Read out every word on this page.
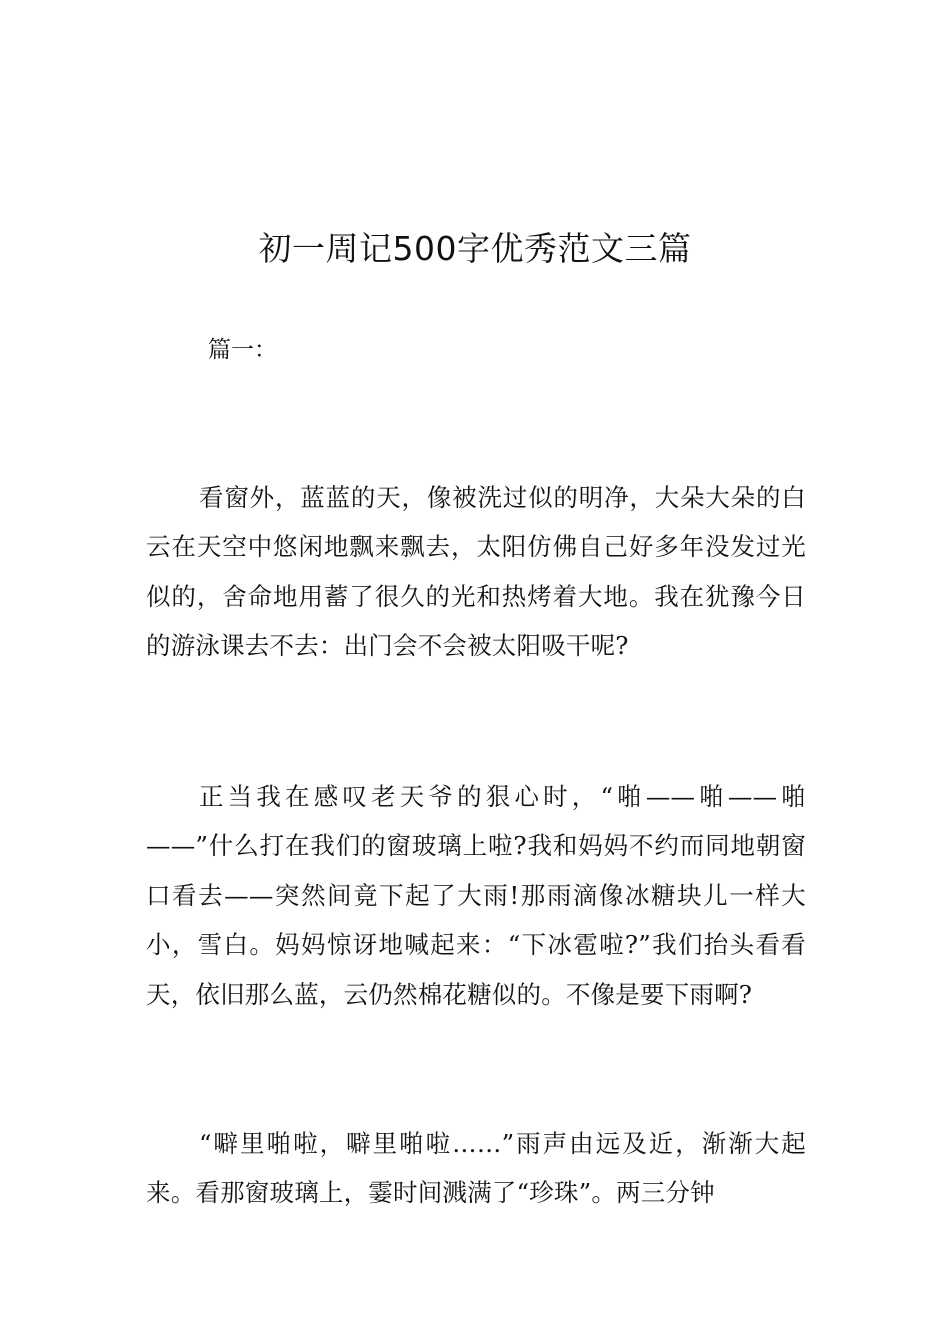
初一周记500字优秀范文三篇
篇一：

看窗外，蓝蓝的天，像被洗过似的明净，大朵大朵的白云在天空中悠闲地飘来飘去，太阳仿佛自己好多年没发过光似的，舍命地用蓄了很久的光和热烤着大地。我在犹豫今日的游泳课去不去：出门会不会被太阳吸干呢?

正当我在感叹老天爷的狠心时，“啪——啪——啪——”什么打在我们的窗玻璃上啦?我和妈妈不约而同地朝窗口看去——突然间竟下起了大雨!那雨滴像冰糖块儿一样大小，雪白。妈妈惊讶地喊起来：“下冰雹啦?”我们抬头看看天，依旧那么蓝，云仍然棉花糖似的。不像是要下雨啊?

“噼里啪啦，噼里啪啦……”雨声由远及近，渐渐大起来。看那窗玻璃上，霎时间溅满了“珍珠”。两三分钟
